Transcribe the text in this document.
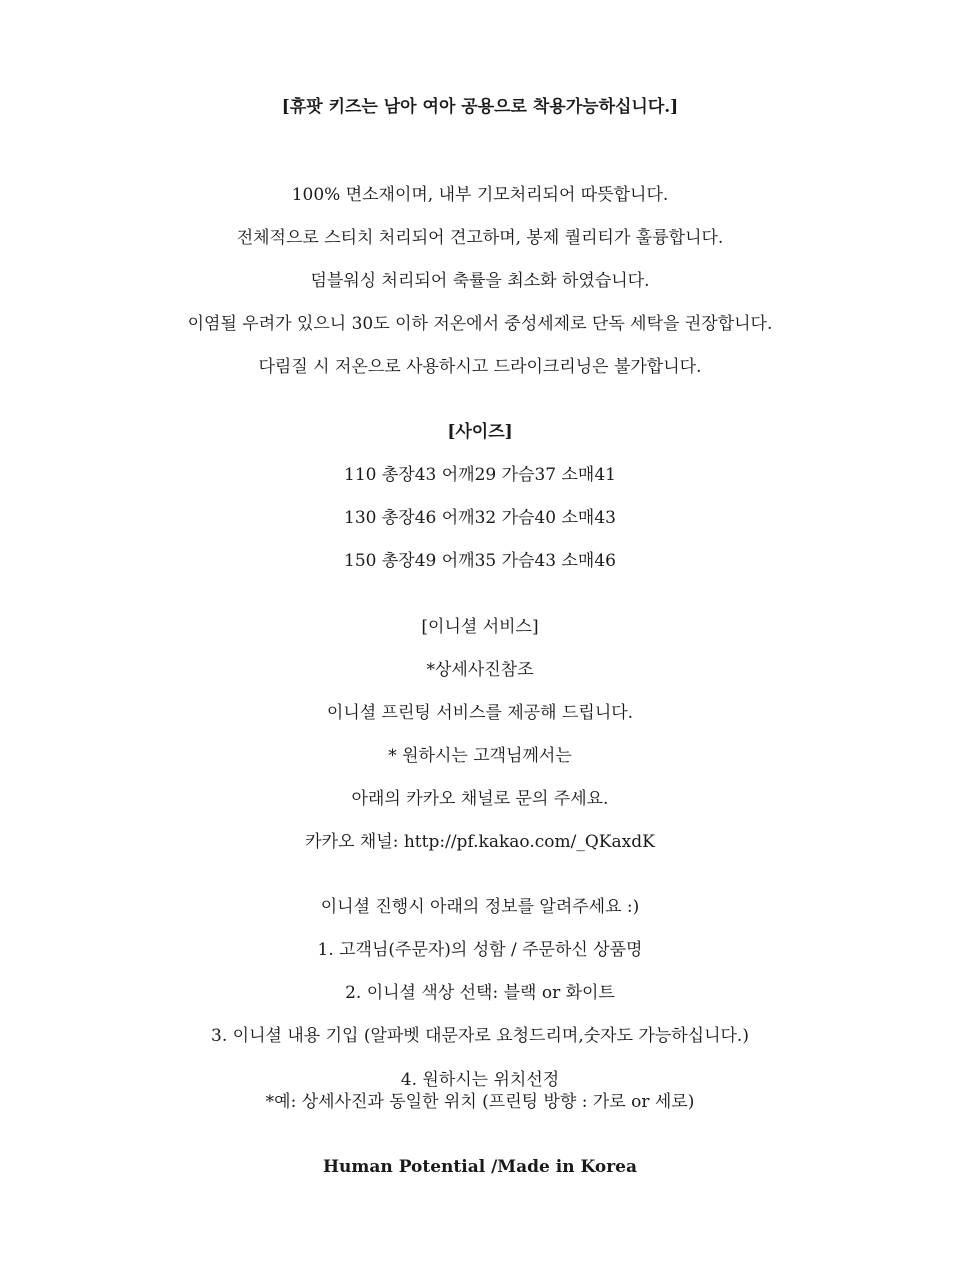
[휴팟 키즈는 남아 여아 공용으로 착용가능하십니다.]
100% 면소재이며, 내부 기모처리되어 따뜻합니다.
전체적으로 스티치 처리되어 견고하며, 봉제 퀄리티가 훌륭합니다.
덤블워싱 처리되어 축률을 최소화 하였습니다.
이염될 우려가 있으니 30도 이하 저온에서 중성세제로 단독 세탁을 권장합니다.
다림질 시 저온으로 사용하시고 드라이크리닝은 불가합니다.
[사이즈]
110 총장43 어깨29 가슴37 소매41
130 총장46 어깨32 가슴40 소매43
150 총장49 어깨35 가슴43 소매46
[이니셜 서비스]
*상세사진참조
이니셜 프린팅 서비스를 제공해 드립니다.
* 원하시는 고객님께서는
아래의 카카오 채널로 문의 주세요.
카카오 채널: http://pf.kakao.com/_QKaxdK
이니셜 진행시 아래의 정보를 알려주세요 :)
1. 고객님(주문자)의 성함 / 주문하신 상품명
2. 이니셜 색상 선택: 블랙 or 화이트
3. 이니셜 내용 기입 (알파벳 대문자로 요청드리며,숫자도 가능하십니다.)
4. 원하시는 위치선정
*예: 상세사진과 동일한 위치 (프린팅 방향 : 가로 or 세로)
Human Potential /Made in Korea
